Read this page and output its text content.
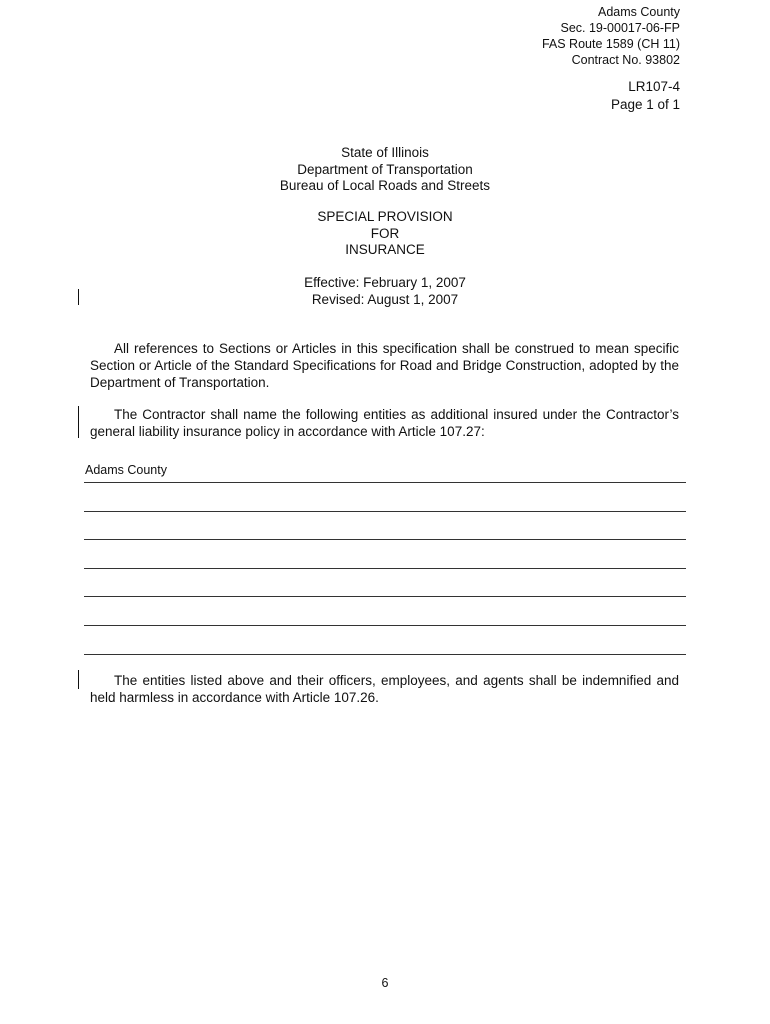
Adams County
Sec. 19-00017-06-FP
FAS Route 1589 (CH 11)
Contract No. 93802
LR107-4
Page 1 of 1
State of Illinois
Department of Transportation
Bureau of Local Roads and Streets
SPECIAL PROVISION
FOR
INSURANCE
Effective: February 1, 2007
Revised: August 1, 2007

All references to Sections or Articles in this specification shall be construed to mean specific Section or Article of the Standard Specifications for Road and Bridge Construction, adopted by the Department of Transportation.

The Contractor shall name the following entities as additional insured under the Contractor’s general liability insurance policy in accordance with Article 107.27:

Adams County

The entities listed above and their officers, employees, and agents shall be indemnified and held harmless in accordance with Article 107.26.

6
